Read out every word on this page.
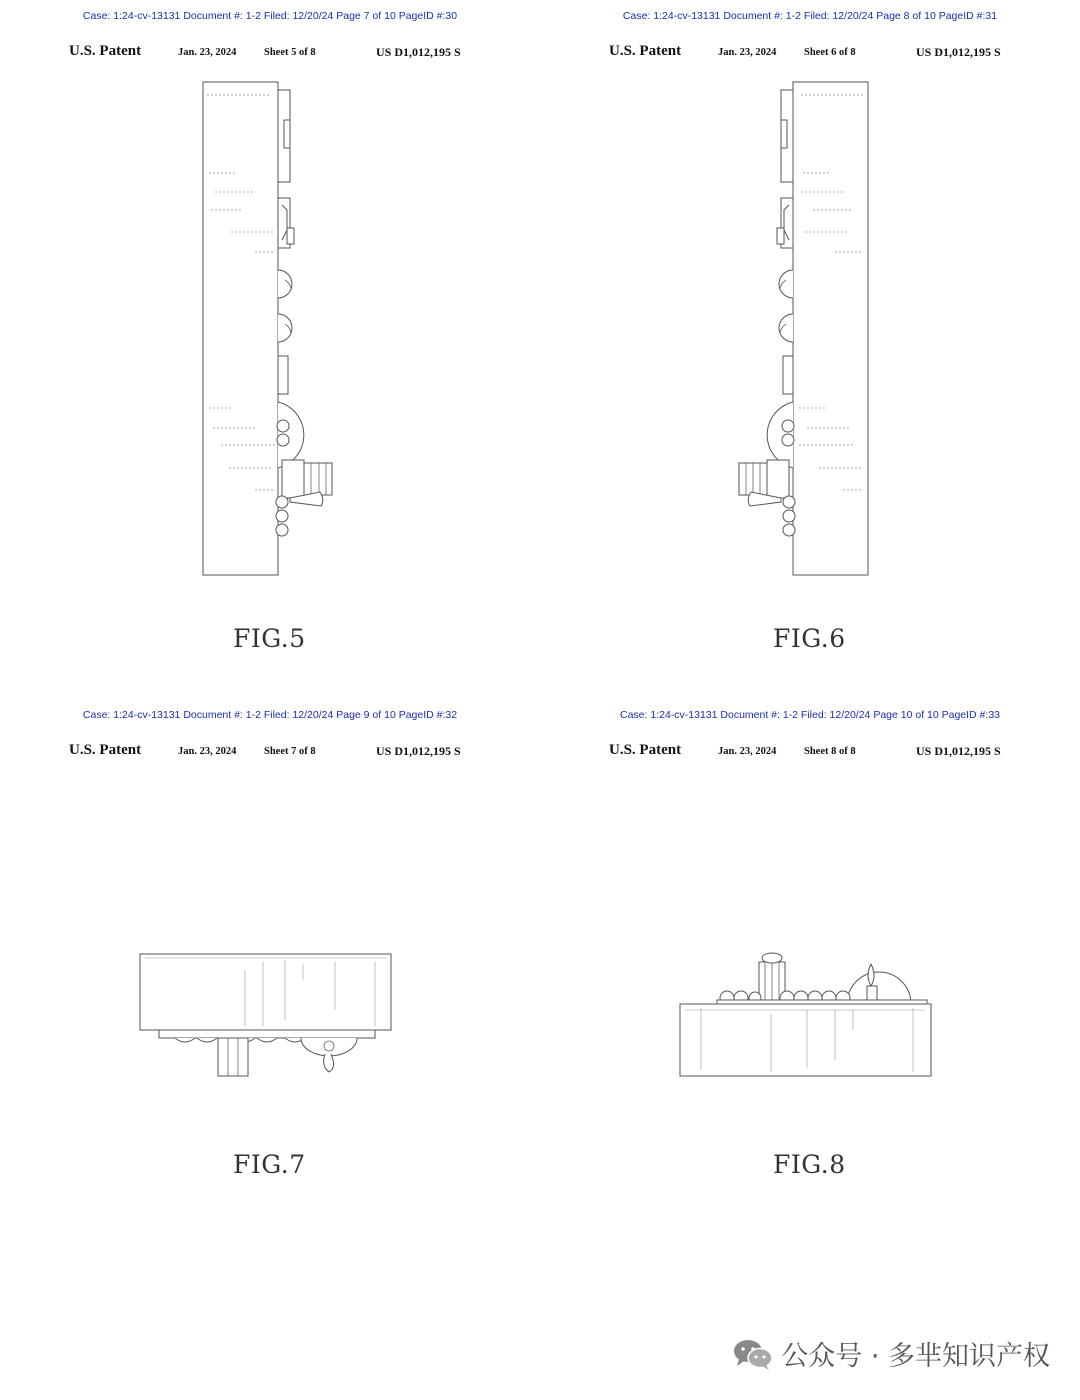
Case: 1:24-cv-13131 Document #: 1-2 Filed: 12/20/24 Page 7 of 10 PageID #:30
U.S. Patent	Jan. 23, 2024	Sheet 5 of 8	US D1,012,195 S
FIG.5
Case: 1:24-cv-13131 Document #: 1-2 Filed: 12/20/24 Page 8 of 10 PageID #:31
U.S. Patent	Jan. 23, 2024	Sheet 6 of 8	US D1,012,195 S
FIG.6
Case: 1:24-cv-13131 Document #: 1-2 Filed: 12/20/24 Page 9 of 10 PageID #:32
U.S. Patent	Jan. 23, 2024	Sheet 7 of 8	US D1,012,195 S
FIG.7
Case: 1:24-cv-13131 Document #: 1-2 Filed: 12/20/24 Page 10 of 10 PageID #:33
U.S. Patent	Jan. 23, 2024	Sheet 8 of 8	US D1,012,195 S
FIG.8
公众号 · 多芈知识产权
